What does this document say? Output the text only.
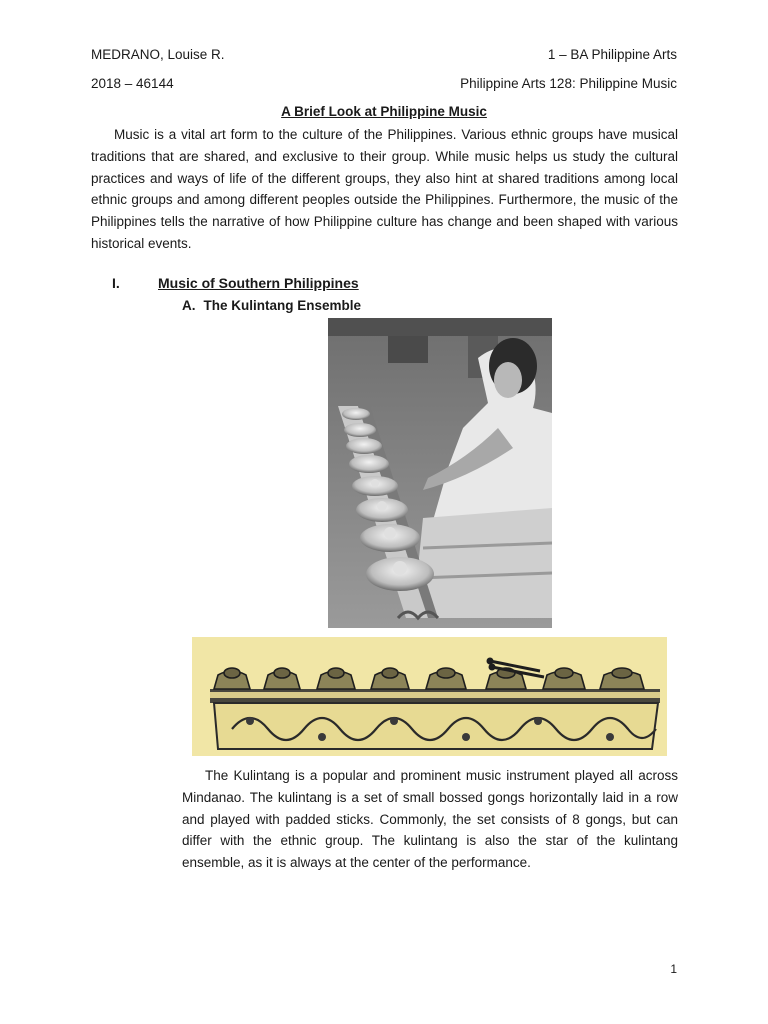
MEDRANO, Louise R.	1 – BA Philippine Arts
2018 – 46144	Philippine Arts 128: Philippine Music
A Brief Look at Philippine Music

Music is a vital art form to the culture of the Philippines. Various ethnic groups have musical traditions that are shared, and exclusive to their group. While music helps us study the cultural practices and ways of life of the different groups, they also hint at shared traditions among local ethnic groups and among different peoples outside the Philippines. Furthermore, the music of the Philippines tells the narrative of how Philippine culture has change and been shaped with various historical events.

I.	Music of Southern Philippines
A. The Kulintang Ensemble

The Kulintang is a popular and prominent music instrument played all across Mindanao. The kulintang is a set of small bossed gongs horizontally laid in a row and played with padded sticks. Commonly, the set consists of 8 gongs, but can differ with the ethnic group. The kulintang is also the star of the kulintang ensemble, as it is always at the center of the performance.

1
